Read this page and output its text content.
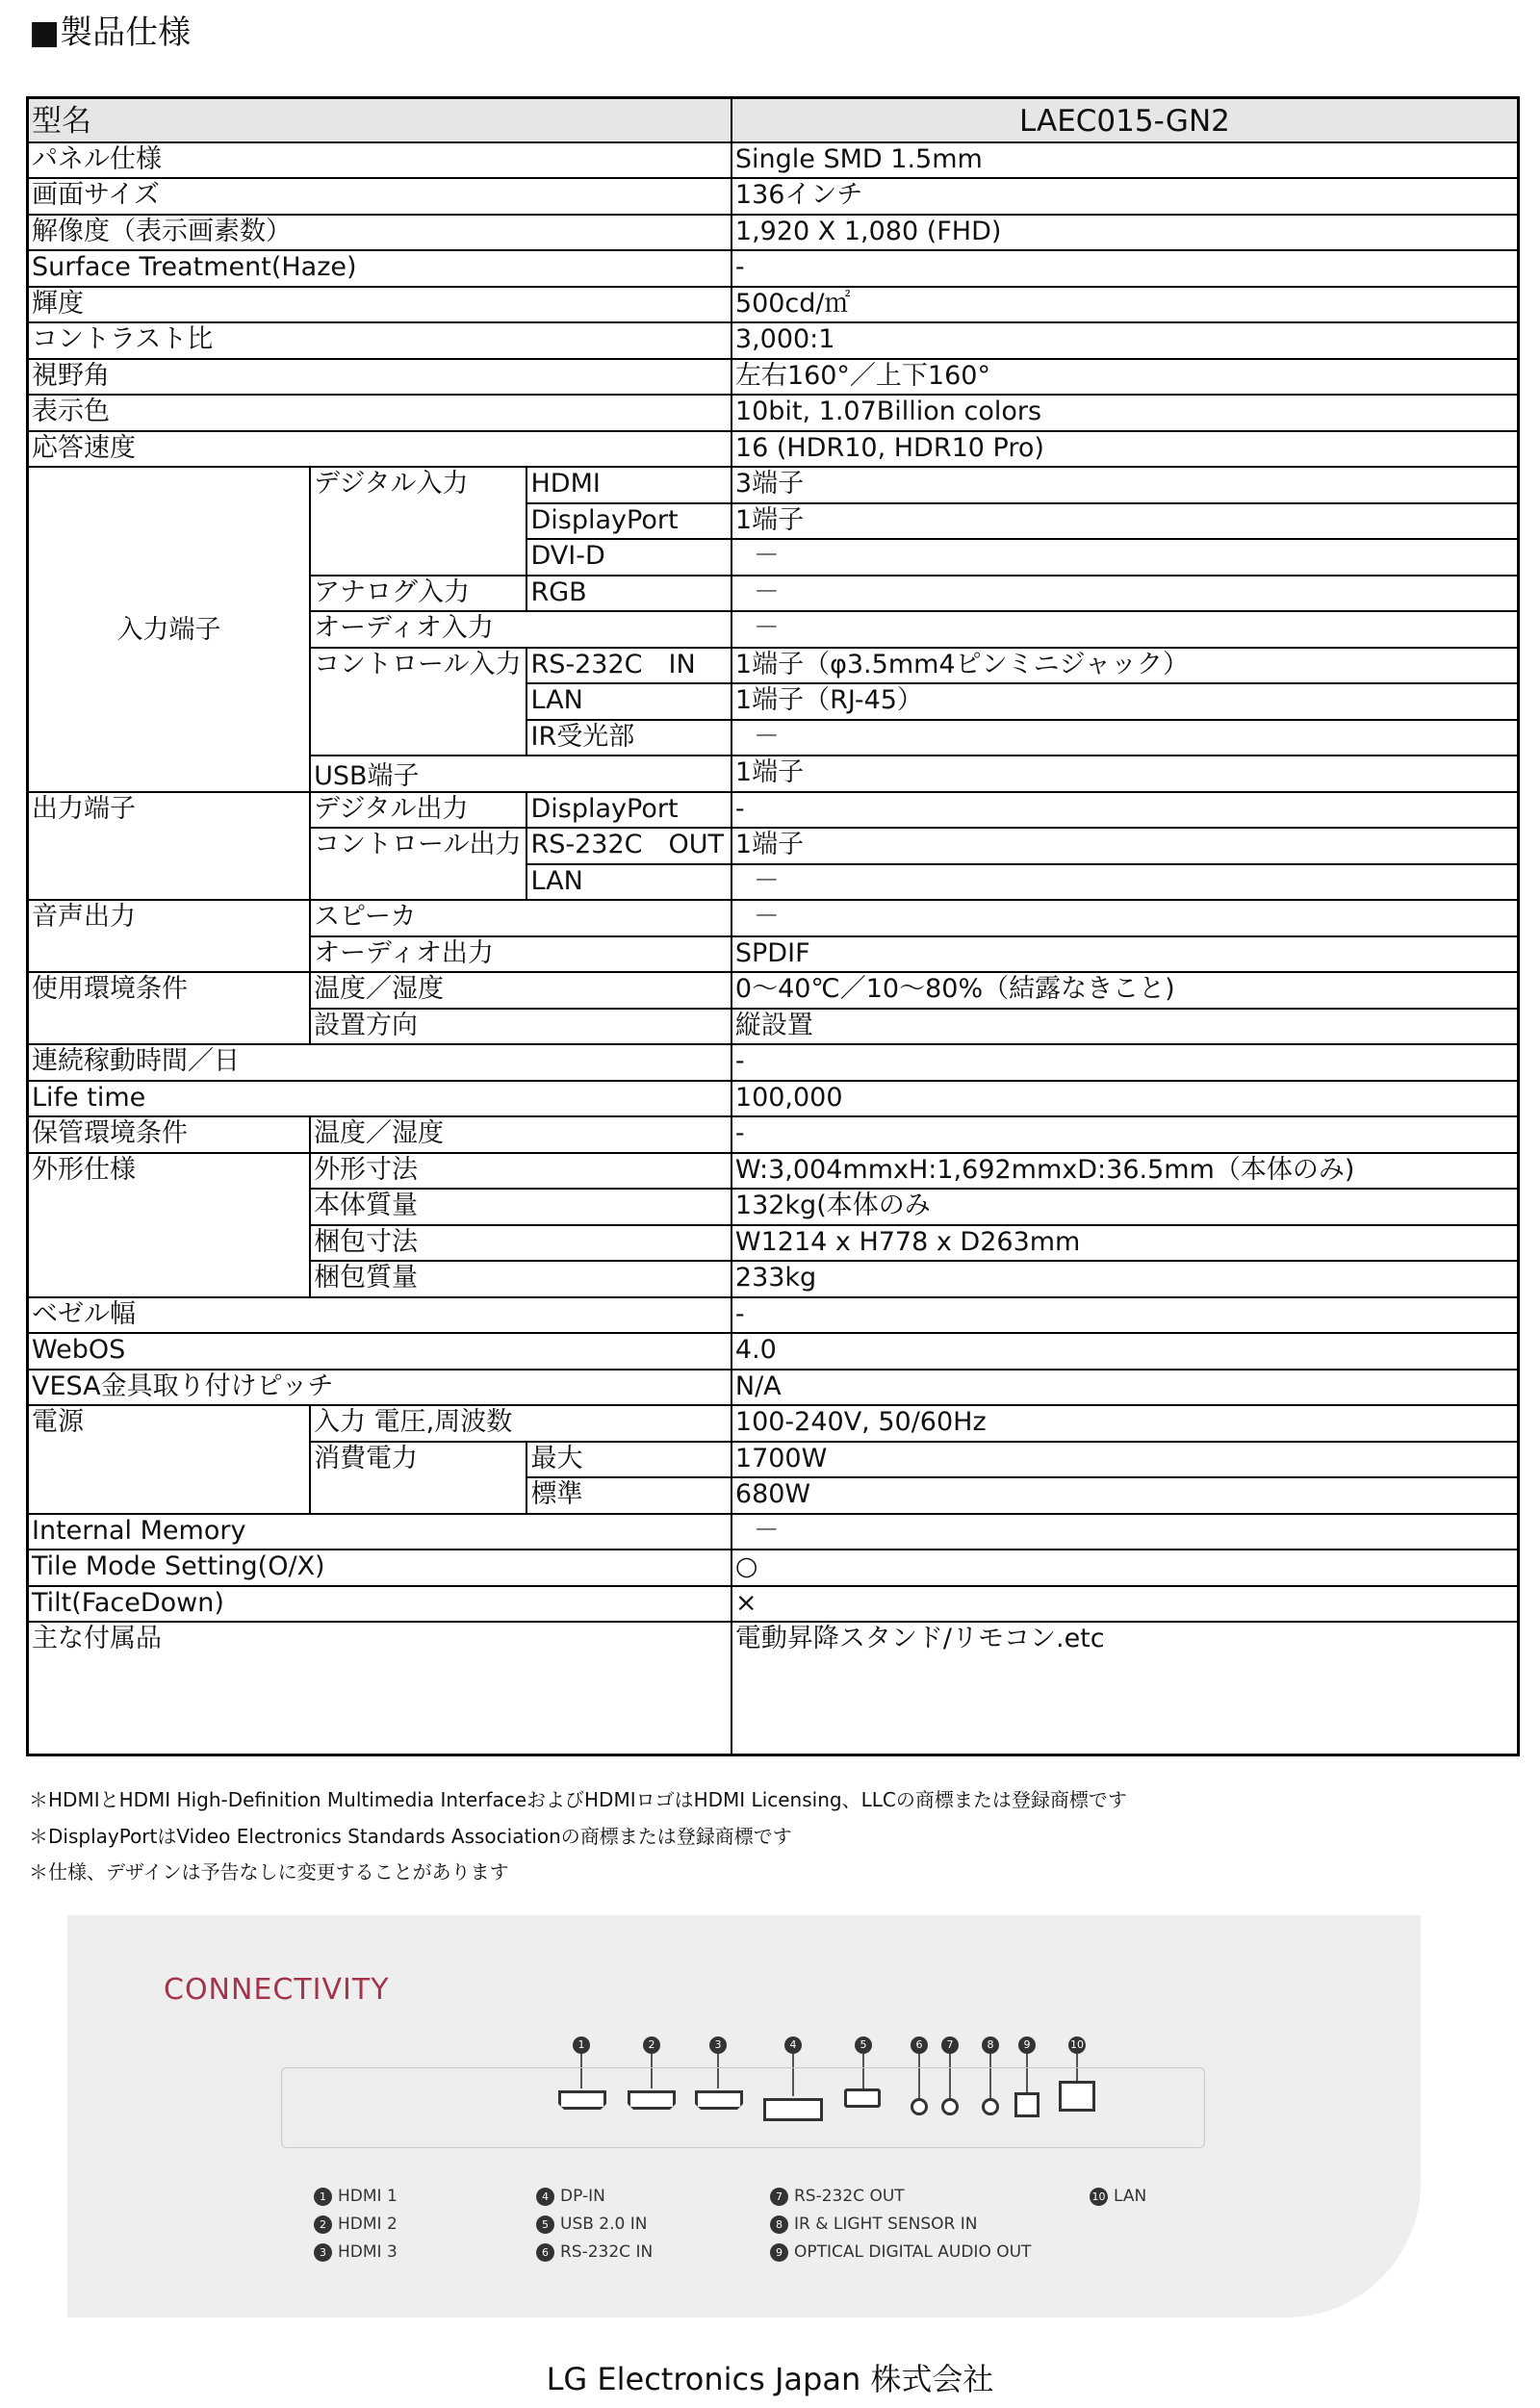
■製品仕様
型名			LAEC015-GN2
パネル仕様			Single SMD 1.5mm
画面サイズ			136インチ
解像度（表示画素数）			1,920 X 1,080 (FHD)
Surface Treatment(Haze)			-
輝度			500cd/㎡
コントラスト比			3,000:1
視野角			左右160°／上下160°
表示色			10bit, 1.07Billion colors
応答速度			16 (HDR10, HDR10 Pro)
入力端子	デジタル入力	HDMI	3端子
		DisplayPort	1端子
		DVI-D	－
	アナログ入力	RGB	－
	オーディオ入力		－
	コントロール入力	RS-232C　IN	1端子（φ3.5mm4ピンミニジャック）
		LAN	1端子（RJ-45）
		IR受光部	－
	USB端子		1端子
出力端子	デジタル出力	DisplayPort	-
	コントロール出力	RS-232C　OUT	1端子
		LAN	－
音声出力	スピーカ		－
	オーディオ出力		SPDIF
使用環境条件	温度／湿度		0～40℃／10～80%（結露なきこと)
	設置方向		縦設置
連続稼動時間／日			-
Life time			100,000
保管環境条件	温度／湿度		-
外形仕様	外形寸法		W:3,004mmxH:1,692mmxD:36.5mm（本体のみ)
	本体質量		132kg(本体のみ
	梱包寸法		W1214 x H778 x D263mm
	梱包質量		233kg
ベゼル幅			-
WebOS			4.0
VESA金具取り付けピッチ			N/A
電源	入力 電圧,周波数		100-240V, 50/60Hz
	消費電力	最大	1700W
		標準	680W
Internal Memory			－
Tile Mode Setting(O/X)			○
Tilt(FaceDown)			×
主な付属品			電動昇降スタンド/リモコン.etc
＊HDMIとHDMI High-Definition Multimedia InterfaceおよびHDMIロゴはHDMI Licensing、LLCの商標または登録商標です
＊DisplayPortはVideo Electronics Standards Associationの商標または登録商標です
＊仕様、デザインは予告なしに変更することがあります
CONNECTIVITY
1	2	3	4	5	6	7	8	9	10
1 HDMI 1
2 HDMI 2
3 HDMI 3
4 DP-IN
5 USB 2.0 IN
6 RS-232C IN
7 RS-232C OUT
8 IR & LIGHT SENSOR IN
9 OPTICAL DIGITAL AUDIO OUT
10 LAN
LG Electronics Japan 株式会社
